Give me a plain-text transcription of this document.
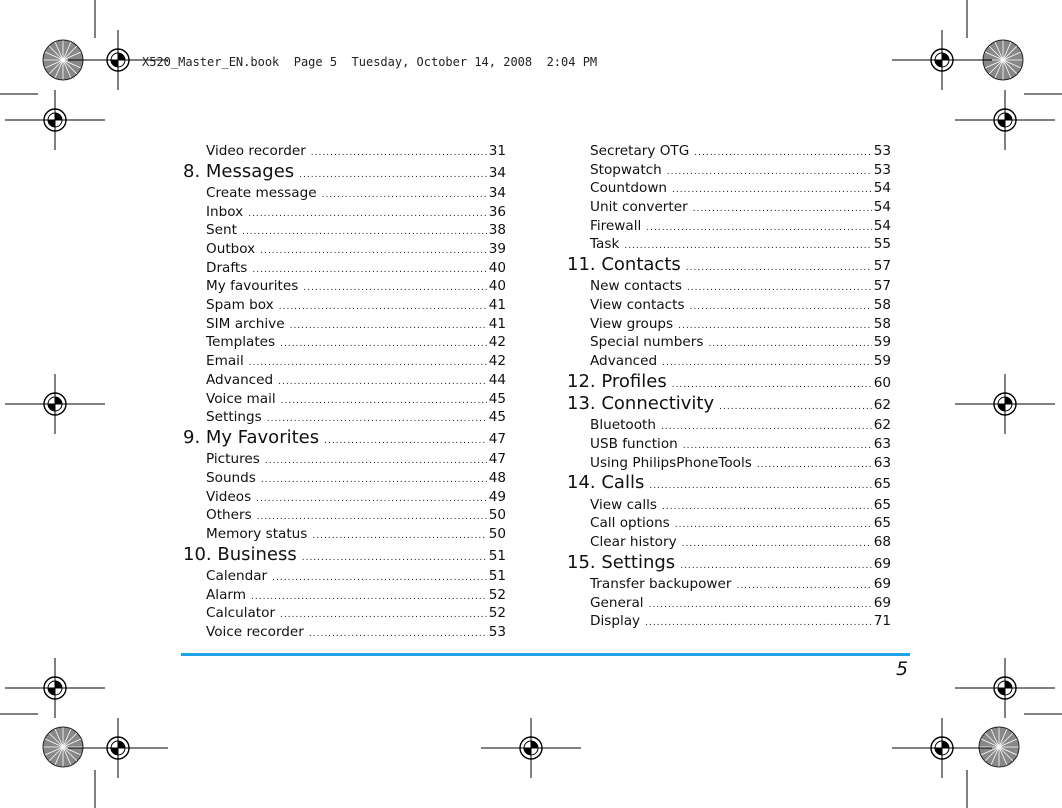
X520_Master_EN.book  Page 5  Tuesday, October 14, 2008  2:04 PM
Video recorder .....	31
8. Messages .....	34
Create message .....	34
Inbox .....	36
Sent .....	38
Outbox .....	39
Drafts .....	40
My favourites .....	40
Spam box .....	41
SIM archive .....	41
Templates .....	42
Email .....	42
Advanced .....	44
Voice mail .....	45
Settings .....	45
9. My Favorites .....	47
Pictures .....	47
Sounds .....	48
Videos .....	49
Others .....	50
Memory status .....	50
10. Business .....	51
Calendar .....	51
Alarm .....	52
Calculator .....	52
Voice recorder .....	53
Secretary OTG .....	53
Stopwatch .....	53
Countdown .....	54
Unit converter .....	54
Firewall .....	54
Task .....	55
11. Contacts .....	57
New contacts .....	57
View contacts .....	58
View groups .....	58
Special numbers .....	59
Advanced .....	59
12. Profiles .....	60
13. Connectivity .....	62
Bluetooth .....	62
USB function .....	63
Using PhilipsPhoneTools .....	63
14. Calls .....	65
View calls .....	65
Call options .....	65
Clear history .....	68
15. Settings .....	69
Transfer backupower .....	69
General .....	69
Display .....	71
5
